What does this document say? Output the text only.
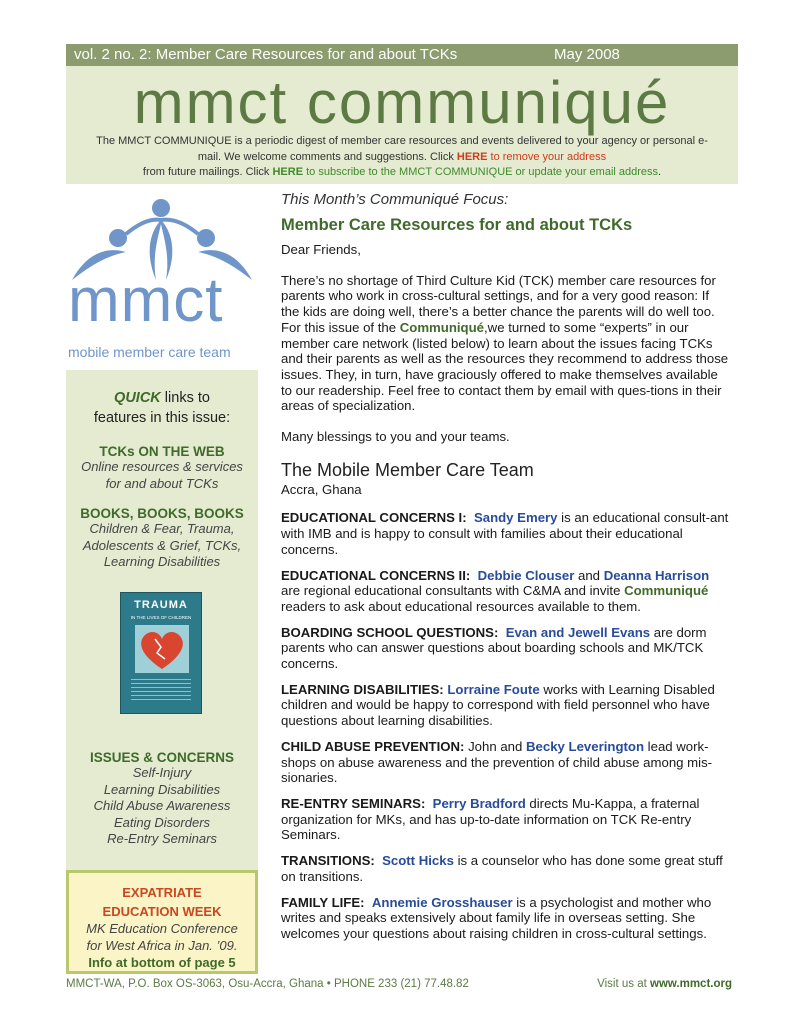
vol. 2 no. 2: Member Care Resources for and about TCKs	May 2008
mmct communiqué
The MMCT COMMUNIQUE is a periodic digest of member care resources and events delivered to your agency or personal e-mail. We welcome comments and suggestions. Click HERE to remove your address
from future mailings. Click HERE to subscribe to the MMCT COMMUNIQUE or update your email address.
mmct
mobile member care team
QUICK links to
features in this issue:
TCKs ON THE WEB
Online resources & services
for and about TCKs
BOOKS, BOOKS, BOOKS
Children & Fear, Trauma,
Adolescents & Grief, TCKs,
Learning Disabilities
TRAUMA
IN THE LIVES OF CHILDREN
ISSUES & CONCERNS
Self-Injury
Learning Disabilities
Child Abuse Awareness
Eating Disorders
Re-Entry Seminars
EXPATRIATE
EDUCATION WEEK
MK Education Conference
for West Africa in Jan. ’09.
Info at bottom of page 5
This Month’s Communiqué Focus:
Member Care Resources for and about TCKs
Dear Friends,
There’s no shortage of Third Culture Kid (TCK) member care resources for parents who work in cross-cultural settings, and for a very good reason: If the kids are doing well, there’s a better chance the parents will do well too. For this issue of the Communiqué,we turned to some “experts” in our member care network (listed below) to learn about the issues facing TCKs and their parents as well as the resources they recommend to address those issues. They, in turn, have graciously offered to make themselves available to our readership. Feel free to contact them by email with ques-tions in their areas of specialization.
Many blessings to you and your teams.
The Mobile Member Care Team
Accra, Ghana
EDUCATIONAL CONCERNS I: Sandy Emery is an educational consult-ant with IMB and is happy to consult with families about their educational concerns.
EDUCATIONAL CONCERNS II: Debbie Clouser and Deanna Harrison are regional educational consultants with C&MA and invite Communiqué readers to ask about educational resources available to them.
BOARDING SCHOOL QUESTIONS: Evan and Jewell Evans are dorm parents who can answer questions about boarding schools and MK/TCK concerns.
LEARNING DISABILITIES: Lorraine Foute works with Learning Disabled children and would be happy to correspond with field personnel who have questions about learning disabilities.
CHILD ABUSE PREVENTION: John and Becky Leverington lead work-shops on abuse awareness and the prevention of child abuse among mis-sionaries.
RE-ENTRY SEMINARS: Perry Bradford directs Mu-Kappa, a fraternal organization for MKs, and has up-to-date information on TCK Re-entry Seminars.
TRANSITIONS: Scott Hicks is a counselor who has done some great stuff on transitions.
FAMILY LIFE: Annemie Grosshauser is a psychologist and mother who writes and speaks extensively about family life in overseas setting. She welcomes your questions about raising children in cross-cultural settings.
MMCT-WA, P.O. Box OS-3063, Osu-Accra, Ghana • PHONE 233 (21) 77.48.82	Visit us at www.mmct.org
